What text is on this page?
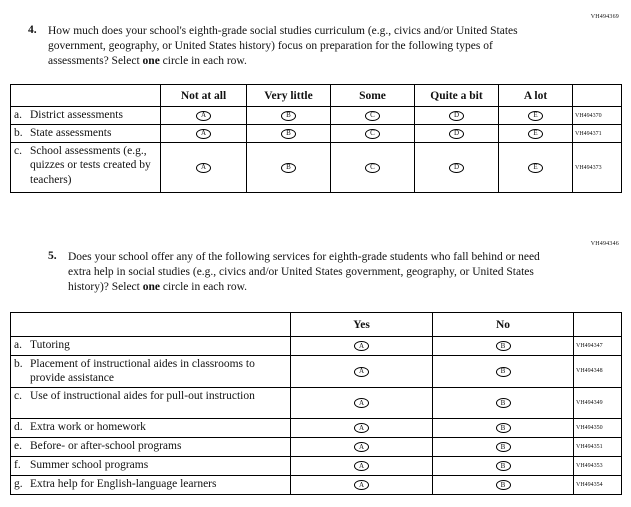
VH494369
4. How much does your school's eighth-grade social studies curriculum (e.g., civics and/or United States government, geography, or United States history) focus on preparation for the following types of assessments? Select one circle in each row.

	Not at all	Very little	Some	Quite a bit	A lot	

a. District assessments	A	B	C	D	E	VH494370

b. State assessments	A	B	C	D	E	VH494371

c. School assessments (e.g., quizzes or tests created by teachers)	A	B	C	D	E	VH494373
VH494346
5. Does your school offer any of the following services for eighth-grade students who fall behind or need extra help in social studies (e.g., civics and/or United States government, geography, or United States history)? Select one circle in each row.

	Yes	No	

a. Tutoring	A	B	VH494347

b. Placement of instructional aides in classrooms to provide assistance	A	B	VH494348

c. Use of instructional aides for pull-out instruction	A	B	VH494349

d. Extra work or homework	A	B	VH494350

e. Before- or after-school programs	A	B	VH494351

f. Summer school programs	A	B	VH494353

g. Extra help for English-language learners	A	B	VH494354
